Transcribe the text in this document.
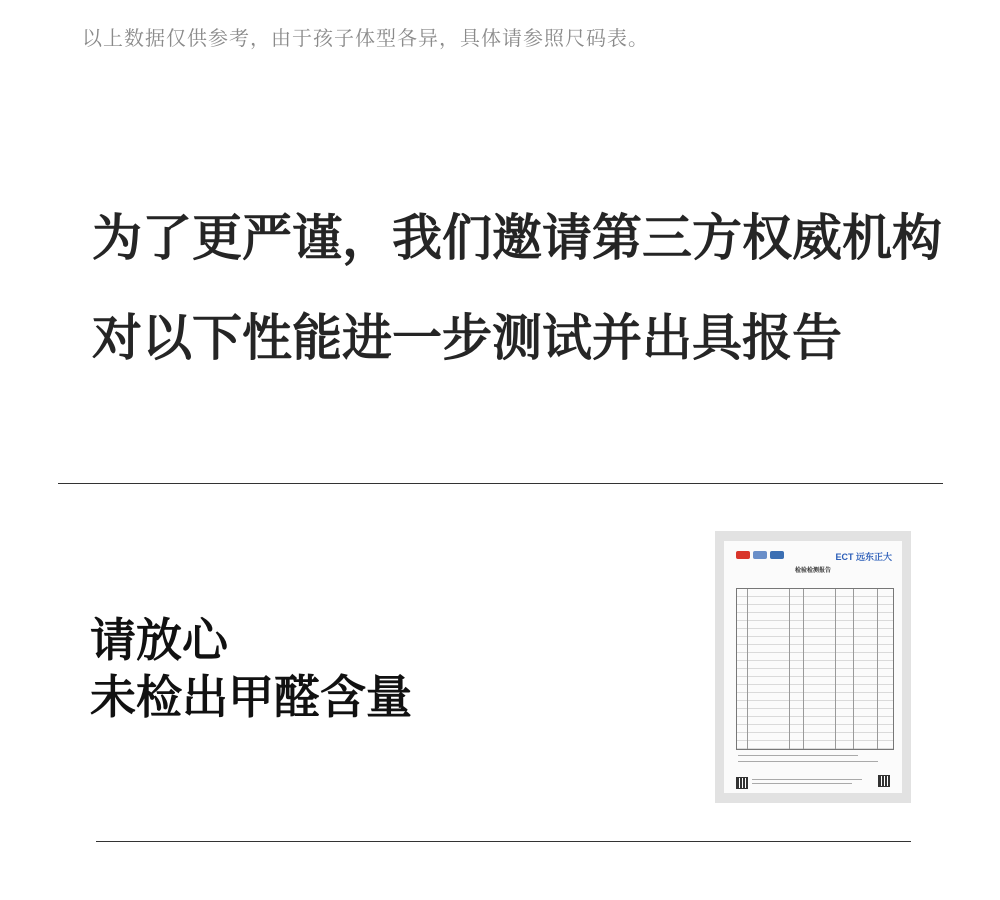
以上数据仅供参考，由于孩子体型各异，具体请参照尺码表。
为了更严谨，我们邀请第三方权威机构
对以下性能进一步测试并出具报告
请放心
未检出甲醛含量
ECT 远东正大
检验检测报告
